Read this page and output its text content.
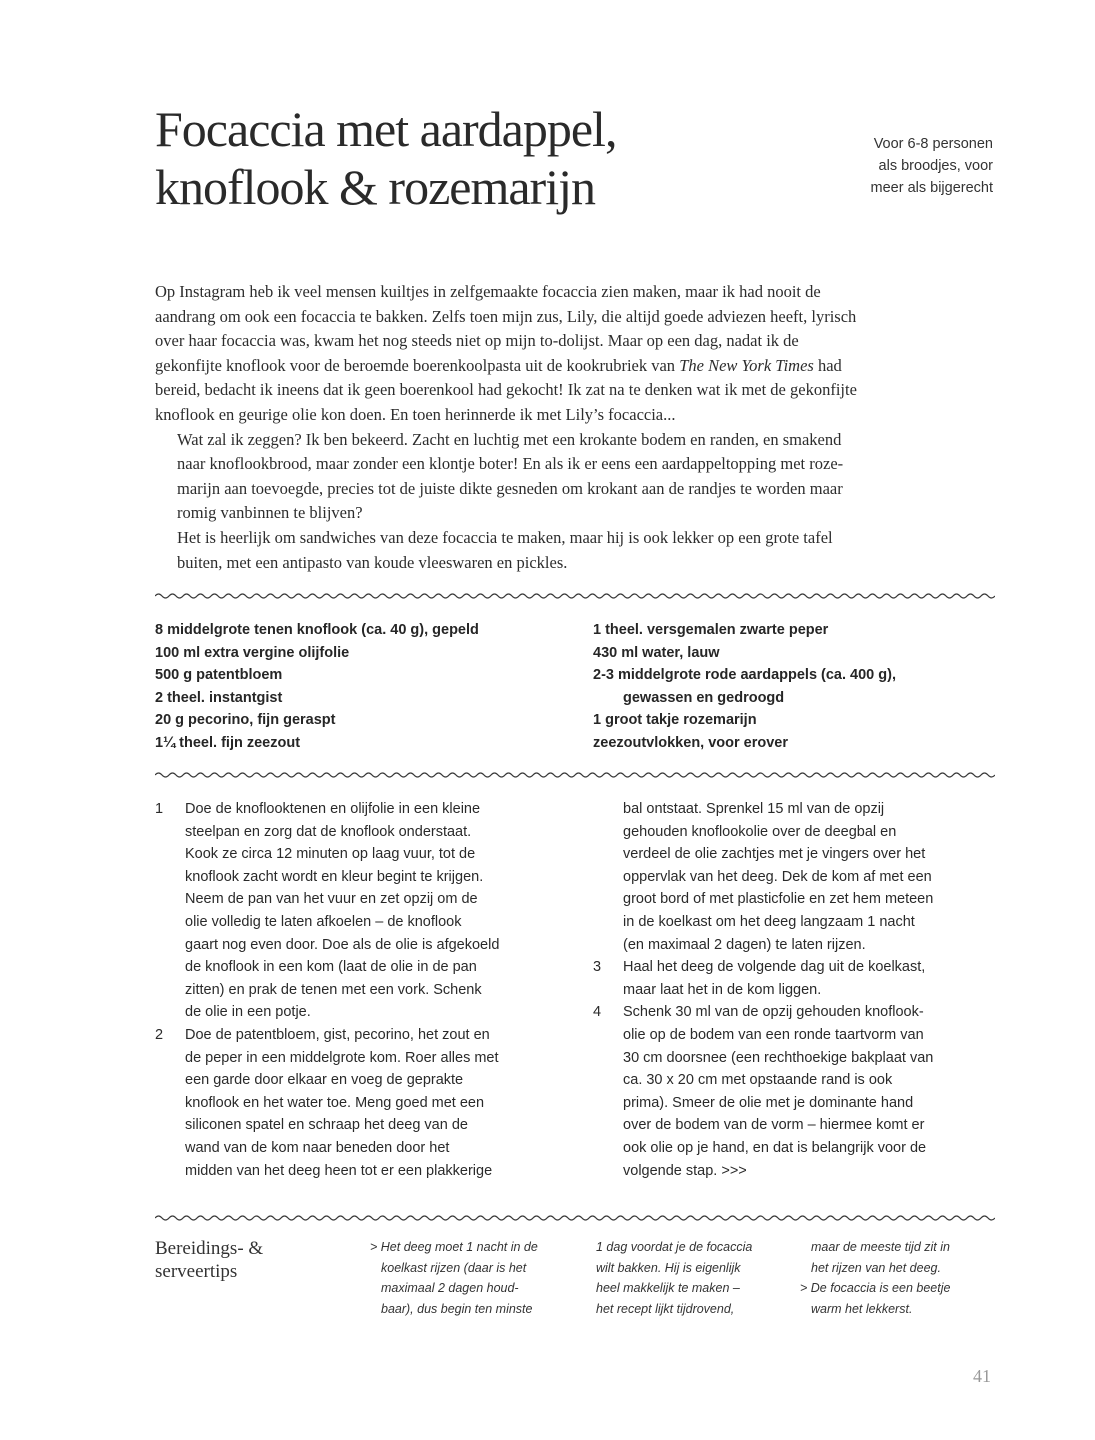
Focaccia met aardappel,
knoflook & rozemarijn
Voor 6-8 personen
als broodjes, voor
meer als bijgerecht

Op Instagram heb ik veel mensen kuiltjes in zelfgemaakte focaccia zien maken, maar ik had nooit de
aandrang om ook een focaccia te bakken. Zelfs toen mijn zus, Lily, die altijd goede adviezen heeft, lyrisch
over haar focaccia was, kwam het nog steeds niet op mijn to-dolijst. Maar op een dag, nadat ik de
gekonfijte knoflook voor de beroemde boerenkoolpasta uit de kookrubriek van The New York Times had
bereid, bedacht ik ineens dat ik geen boerenkool had gekocht! Ik zat na te denken wat ik met de gekonfijte
knoflook en geurige olie kon doen. En toen herinnerde ik met Lily’s focaccia...

Wat zal ik zeggen? Ik ben bekeerd. Zacht en luchtig met een krokante bodem en randen, en smakend
naar knoflookbrood, maar zonder een klontje boter! En als ik er eens een aardappeltopping met roze-
marijn aan toevoegde, precies tot de juiste dikte gesneden om krokant aan de randjes te worden maar
romig vanbinnen te blijven?

Het is heerlijk om sandwiches van deze focaccia te maken, maar hij is ook lekker op een grote tafel
buiten, met een antipasto van koude vleeswaren en pickles.

8 middelgrote tenen knoflook (ca. 40 g), gepeld
100 ml extra vergine olijfolie
500 g patentbloem
2 theel. instantgist
20 g pecorino, fijn geraspt
1¼ theel. fijn zeezout
1 theel. versgemalen zwarte peper
430 ml water, lauw
2-3 middelgrote rode aardappels (ca. 400 g),
gewassen en gedroogd
1 groot takje rozemarijn
zeezoutvlokken, voor erover
1 Doe de knoflooktenen en olijfolie in een kleine
steelpan en zorg dat de knoflook onderstaat.
Kook ze circa 12 minuten op laag vuur, tot de
knoflook zacht wordt en kleur begint te krijgen.
Neem de pan van het vuur en zet opzij om de
olie volledig te laten afkoelen – de knoflook
gaart nog even door. Doe als de olie is afgekoeld
de knoflook in een kom (laat de olie in de pan
zitten) en prak de tenen met een vork. Schenk
de olie in een potje.
2 Doe de patentbloem, gist, pecorino, het zout en
de peper in een middelgrote kom. Roer alles met
een garde door elkaar en voeg de geprakte
knoflook en het water toe. Meng goed met een
siliconen spatel en schraap het deeg van de
wand van de kom naar beneden door het
midden van het deeg heen tot er een plakkerige
bal ontstaat. Sprenkel 15 ml van de opzij
gehouden knoflookolie over de deegbal en
verdeel de olie zachtjes met je vingers over het
oppervlak van het deeg. Dek de kom af met een
groot bord of met plasticfolie en zet hem meteen
in de koelkast om het deeg langzaam 1 nacht
(en maximaal 2 dagen) te laten rijzen.
3 Haal het deeg de volgende dag uit de koelkast,
maar laat het in de kom liggen.
4 Schenk 30 ml van de opzij gehouden knoflook-
olie op de bodem van een ronde taartvorm van
30 cm doorsnee (een rechthoekige bakplaat van
ca. 30 x 20 cm met opstaande rand is ook
prima). Smeer de olie met je dominante hand
over de bodem van de vorm – hiermee komt er
ook olie op je hand, en dat is belangrijk voor de
volgende stap. >>>
Bereidings- &
serveertips
> Het deeg moet 1 nacht in de
koelkast rijzen (daar is het
maximaal 2 dagen houd-
baar), dus begin ten minste
1 dag voordat je de focaccia
wilt bakken. Hij is eigenlijk
heel makkelijk te maken –
het recept lijkt tijdrovend,
maar de meeste tijd zit in
het rijzen van het deeg.
> De focaccia is een beetje
warm het lekkerst.
41
